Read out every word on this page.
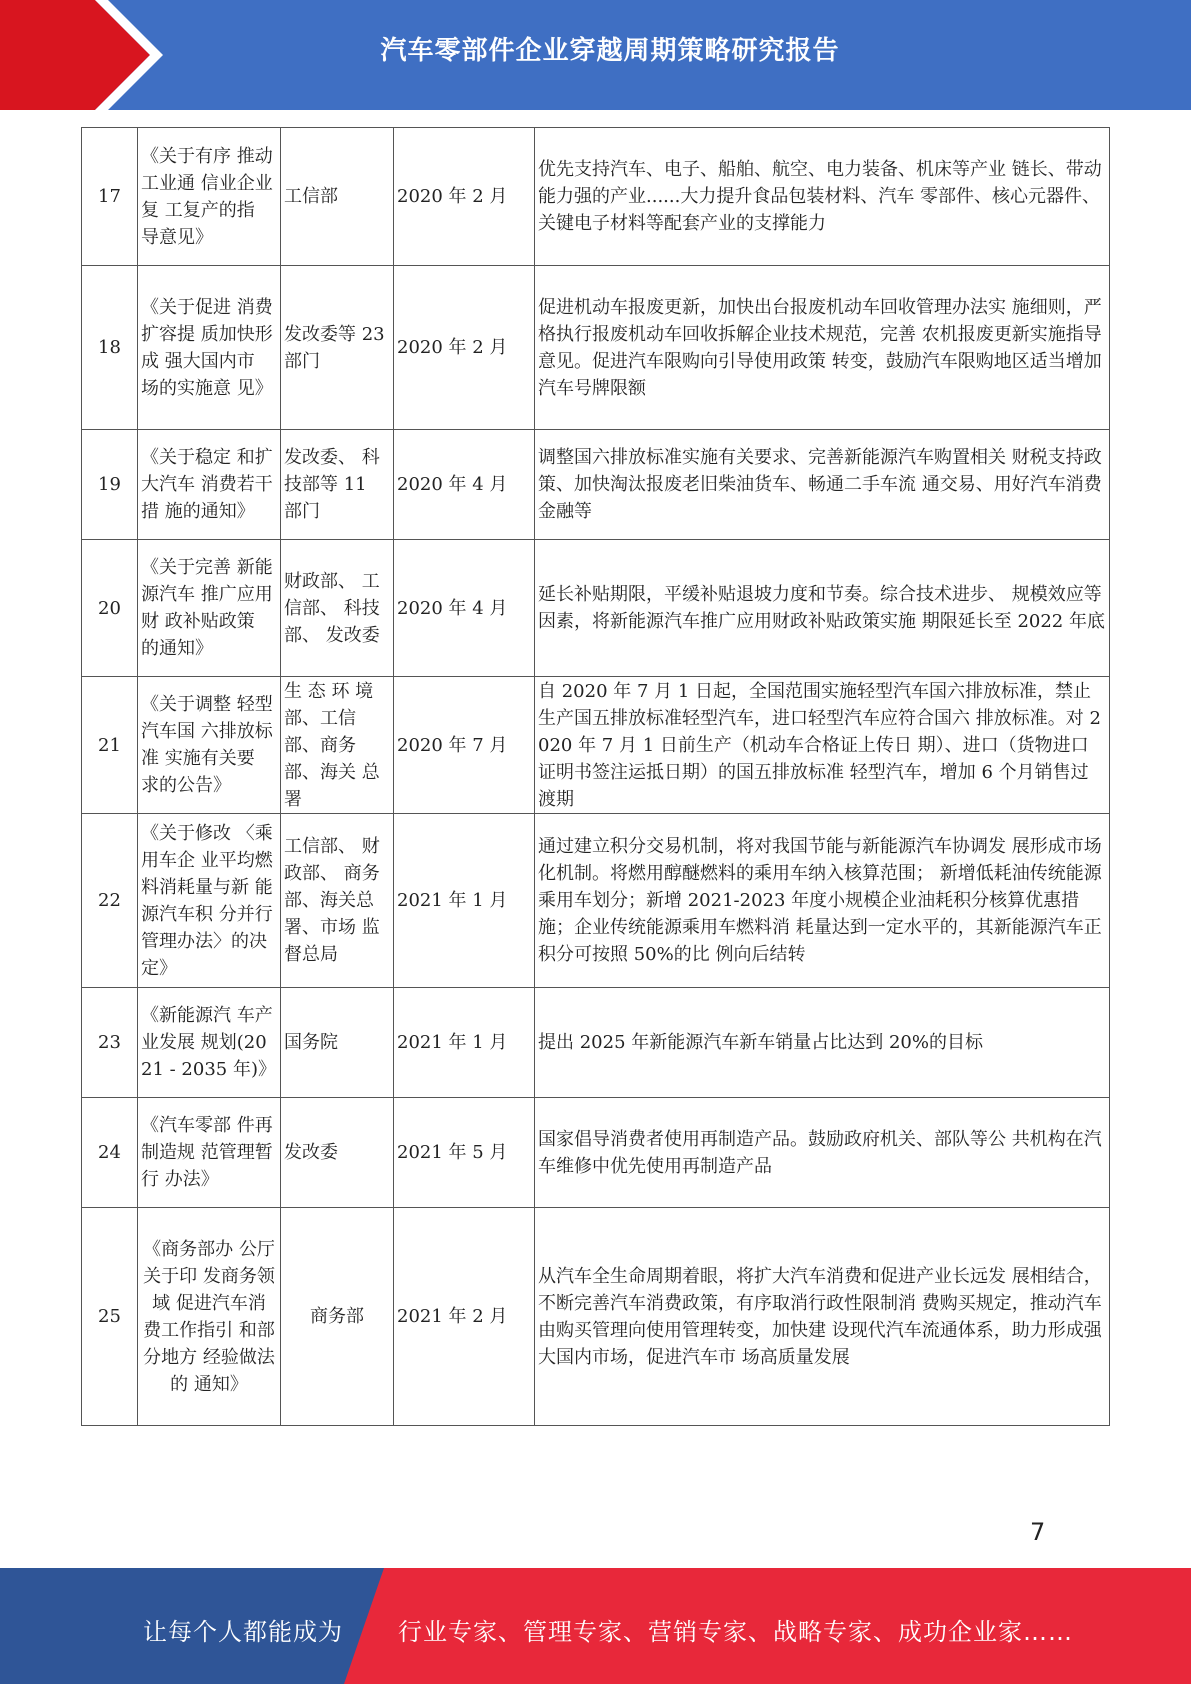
汽车零部件企业穿越周期策略研究报告
17	《关于有序 推动工业通 信业企业复 工复产的指 导意见》	工信部	2020 年 2 月	优先支持汽车、电子、船舶、航空、电力装备、机床等产业 链长、带动能力强的产业......大力提升食品包装材料、汽车 零部件、核心元器件、关键电子材料等配套产业的支撑能力
18	《关于促进 消费扩容提 质加快形成 强大国内市 场的实施意 见》	发改委等 23 部门	2020 年 2 月	促进机动车报废更新，加快出台报废机动车回收管理办法实 施细则，严格执行报废机动车回收拆解企业技术规范，完善 农机报废更新实施指导意见。促进汽车限购向引导使用政策 转变，鼓励汽车限购地区适当增加汽车号牌限额
19	《关于稳定 和扩大汽车 消费若干措 施的通知》	发改委、 科技部等 11 部门	2020 年 4 月	调整国六排放标准实施有关要求、完善新能源汽车购置相关 财税支持政策、加快淘汰报废老旧柴油货车、畅通二手车流 通交易、用好汽车消费金融等
20	《关于完善 新能源汽车 推广应用财 政补贴政策 的通知》	财政部、 工信部、 科技部、 发改委	2020 年 4 月	延长补贴期限，平缓补贴退坡力度和节奏。综合技术进步、 规模效应等因素，将新能源汽车推广应用财政补贴政策实施 期限延长至 2022 年底
21	《关于调整 轻型汽车国 六排放标准 实施有关要 求的公告》	生 态 环 境 部、工信 部、商务 部、海关 总署	2020 年 7 月	自 2020 年 7 月 1 日起，全国范围实施轻型汽车国六排放标准，禁止生产国五排放标准轻型汽车，进口轻型汽车应符合国六 排放标准。对 2020 年 7 月 1 日前生产（机动车合格证上传日 期）、进口（货物进口证明书签注运抵日期）的国五排放标准 轻型汽车，增加 6 个月销售过渡期
22	《关于修改 〈乘用车企 业平均燃料消耗量与新 能源汽车积 分并行管理办法〉的决 定》	工信部、 财政部、 商务部、海关总署、市场 监督总局	2021 年 1 月	通过建立积分交易机制，将对我国节能与新能源汽车协调发 展形成市场化机制。将燃用醇醚燃料的乘用车纳入核算范围； 新增低耗油传统能源乘用车划分；新增 2021-2023 年度小规模企业油耗积分核算优惠措施；企业传统能源乘用车燃料消 耗量达到一定水平的，其新能源汽车正积分可按照 50%的比 例向后结转
23	《新能源汽 车产业发展 规划(2021 - 2035 年)》	国务院	2021 年 1 月	提出 2025 年新能源汽车新车销量占比达到 20%的目标
24	《汽车零部 件再制造规 范管理暂行 办法》	发改委	2021 年 5 月	国家倡导消费者使用再制造产品。鼓励政府机关、部队等公 共机构在汽车维修中优先使用再制造产品
25	《商务部办 公厅关于印 发商务领域 促进汽车消 费工作指引 和部分地方 经验做法的 通知》	商务部	2021 年 2 月	从汽车全生命周期着眼，将扩大汽车消费和促进产业长远发 展相结合，不断完善汽车消费政策，有序取消行政性限制消 费购买规定，推动汽车由购买管理向使用管理转变，加快建 设现代汽车流通体系，助力形成强大国内市场，促进汽车市 场高质量发展
7
让每个人都能成为 行业专家、管理专家、营销专家、战略专家、成功企业家……
